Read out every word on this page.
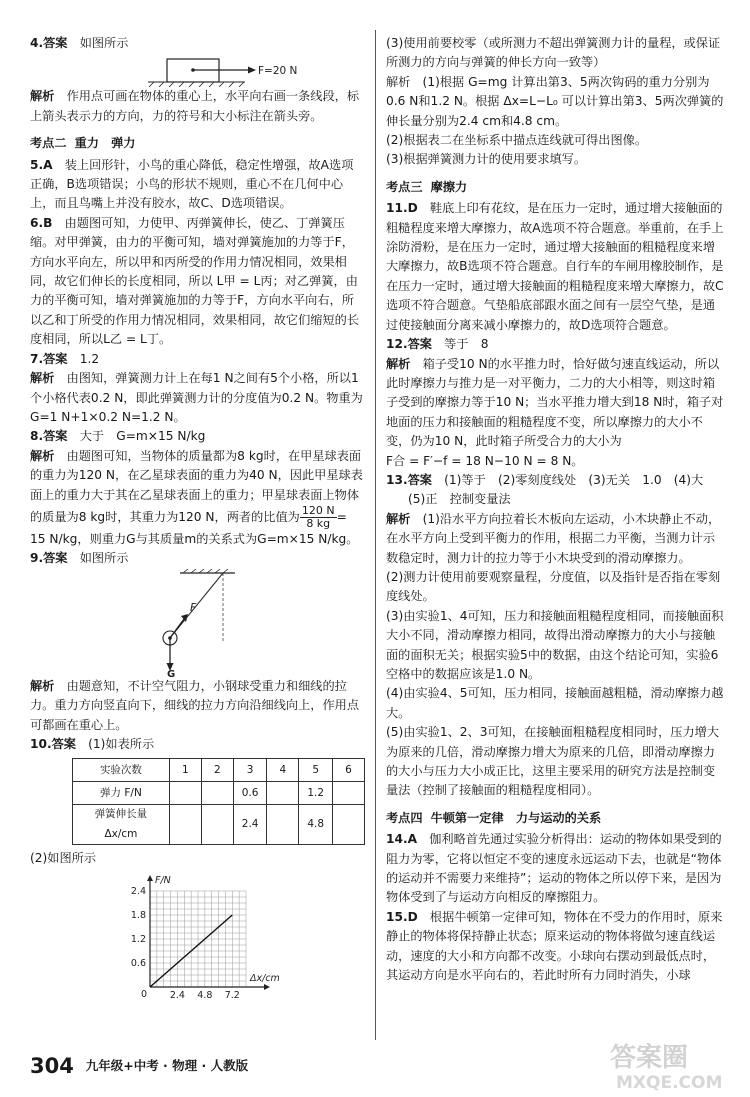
4.答案　 如图所示

F=20 N

解析　 作用点可画在物体的重心上，水平向右画一条线段，标上箭头表示力的方向，力的符号和大小标注在箭头旁。

考点二 重力　弹力

5.A　 装上回形针，小鸟的重心降低，稳定性增强，故A选项正确，B选项错误；小鸟的形状不规则，重心不在几何中心上，而且鸟嘴上并没有胶水，故C、D选项错误。

6.B　 由题图可知，力使甲、丙弹簧伸长，使乙、丁弹簧压缩。对甲弹簧，由力的平衡可知，墙对弹簧施加的力等于F，方向水平向左，所以甲和丙所受的作用力情况相同，效果相同，故它们伸长的长度相同，所以 L甲 = L丙；对乙弹簧，由力的平衡可知，墙对弹簧施加的力等于F，方向水平向右，所以乙和丁所受的作用力情况相同，效果相同，故它们缩短的长度相同，所以L乙 = L丁。

7.答案　 1.2

解析　 由图知，弹簧测力计上在每1 N之间有5个小格，所以1个小格代表0.2 N，即此弹簧测力计的分度值为0.2 N。物重为G=1 N+1×0.2 N=1.2 N。

8.答案　 大于　G=m×15 N/kg

解析　 由题图可知，当物体的质量都为8 kg时，在甲星球表面的重力为120 N，在乙星球表面的重力为40 N，因此甲星球表面上的重力大于其在乙星球表面上的重力；甲星球表面上物体的质量为8 kg时，其重力为120 N，两者的比值为 $\frac{120 N}{8 kg}=$
15 N/kg，则重力G与其质量m的关系式为G=m×15 N/kg。

9.答案　 如图所示

F
G

解析　 由题意知，不计空气阻力，小钢球受重力和细线的拉力。重力方向竖直向下，细线的拉力方向沿细线向上，作用点可都画在重心上。

10.答案　 (1)如表所示

实验次数	1	2	3	4	5	6
弹力 F/N			0.6		1.2	
弹簧伸长量 Δx/cm			2.4		4.8	

(2)如图所示

F/N
Δx/cm
0
2.4
1.8
1.2
0.6
2.4 4.8 7.2

(3)使用前要校零（或所测力不超出弹簧测力计的量程，或保证所测力的方向与弹簧的伸长方向一致等）

解析　(1)根据 G=mg 计算出第3、5两次钩码的重力分别为0.6 N和1.2 N。根据 Δx=L−L₀ 可以计算出第3、5两次弹簧的伸长量分别为2.4 cm和4.8 cm。

(2)根据表二在坐标系中描点连线就可得出图像。

(3)根据弹簧测力计的使用要求填写。

考点三 摩擦力

11.D　 鞋底上印有花纹，是在压力一定时，通过增大接触面的粗糙程度来增大摩擦力，故A选项不符合题意。举重前，在手上涂防滑粉，是在压力一定时，通过增大接触面的粗糙程度来增大摩擦力，故B选项不符合题意。自行车的车闸用橡胶制作，是在压力一定时，通过增大接触面的粗糙程度来增大摩擦力，故C选项不符合题意。气垫船底部跟水面之间有一层空气垫，是通过使接触面分离来减小摩擦力的，故D选项符合题意。

12.答案　 等于　8

解析　 箱子受10 N的水平推力时，恰好做匀速直线运动，所以此时摩擦力与推力是一对平衡力，二力的大小相等，则这时箱子受到的摩擦力等于10 N；当水平推力增大到18 N时，箱子对地面的压力和接触面的粗糙程度不变，所以摩擦力的大小不变，仍为10 N，此时箱子所受合力的大小为
F合 = F′−f = 18 N−10 N = 8 N。

13.答案　 (1)等于　(2)零刻度线处　(3)无关　1.0　(4)大

(5)正　控制变量法

解析　 (1)沿水平方向拉着长木板向左运动，小木块静止不动，在水平方向上受到平衡力的作用，根据二力平衡，当测力计示数稳定时，测力计的拉力等于小木块受到的滑动摩擦力。

(2)测力计使用前要观察量程，分度值，以及指针是否指在零刻度线处。

(3)由实验1、4可知，压力和接触面粗糙程度相同，而接触面积大小不同，滑动摩擦力相同，故得出滑动摩擦力的大小与接触面的面积无关；根据实验5中的数据，由这个结论可知，实验6空格中的数据应该是1.0 N。

(4)由实验4、5可知，压力相同，接触面越粗糙，滑动摩擦力越大。

(5)由实验1、2、3可知，在接触面粗糙程度相同时，压力增大为原来的几倍，滑动摩擦力增大为原来的几倍，即滑动摩擦力的大小与压力大小成正比，这里主要采用的研究方法是控制变量法（控制了接触面的粗糙程度相同）。

考点四 牛顿第一定律　力与运动的关系

14.A　 伽利略首先通过实验分析得出：运动的物体如果受到的阻力为零，它将以恒定不变的速度永远运动下去，也就是“物体的运动并不需要力来维持”；运动的物体之所以停下来，是因为物体受到了与运动方向相反的摩擦阻力。

15.D　 根据牛顿第一定律可知，物体在不受力的作用时，原来静止的物体将保持静止状态；原来运动的物体将做匀速直线运动，速度的大小和方向都不改变。小球向右摆动到最低点时，其运动方向是水平向右的，若此时所有力同时消失，小球

304 九年级+中考 · 物理 · 人教版	答案圈
MXQE.COM
